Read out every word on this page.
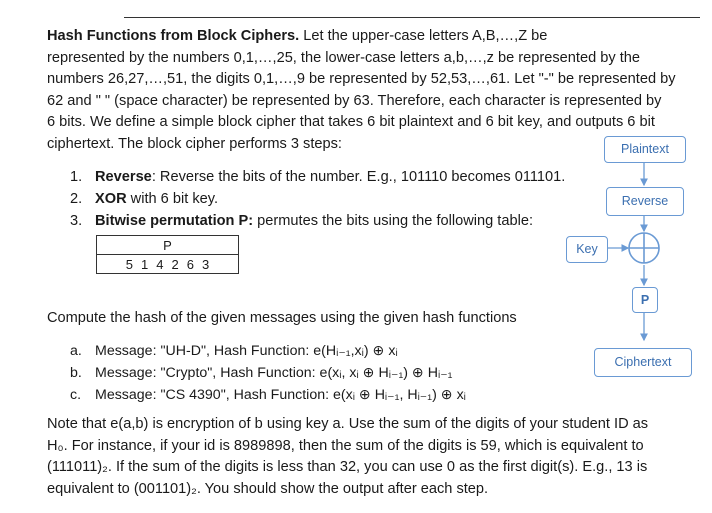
Hash Functions from Block Ciphers. Let the upper-case letters A,B,…,Z be
represented by the numbers 0,1,…,25, the lower-case letters a,b,…,z be represented by the
numbers 26,27,…,51, the digits 0,1,…,9 be represented by 52,53,…,61. Let "-" be represented by
62 and " " (space character) be represented by 63. Therefore, each character is represented by
6 bits. We define a simple block cipher that takes 6 bit plaintext and 6 bit key, and outputs 6 bit
ciphertext. The block cipher performs 3 steps:
1. Reverse: Reverse the bits of the number. E.g., 101110 becomes 011101.
2. XOR with 6 bit key.
3. Bitwise permutation P: permutes the bits using the following table:
P
5 1 4 2 6 3
Compute the hash of the given messages using the given hash functions
a. Message: "UH-D", Hash Function: e(Hᵢ₋₁,xᵢ) ⊕ xᵢ
b. Message: "Crypto", Hash Function: e(xᵢ, xᵢ ⊕ Hᵢ₋₁) ⊕ Hᵢ₋₁
c. Message: "CS 4390", Hash Function: e(xᵢ ⊕ Hᵢ₋₁, Hᵢ₋₁) ⊕ xᵢ
Note that e(a,b) is encryption of b using key a. Use the sum of the digits of your student ID as
H₀. For instance, if your id is 8989898, then the sum of the digits is 59, which is equivalent to
(111011)₂. If the sum of the digits is less than 32, you can use 0 as the first digit(s). E.g., 13 is
equivalent to (001101)₂. You should show the output after each step.
Plaintext
Reverse
Key
P
Ciphertext
